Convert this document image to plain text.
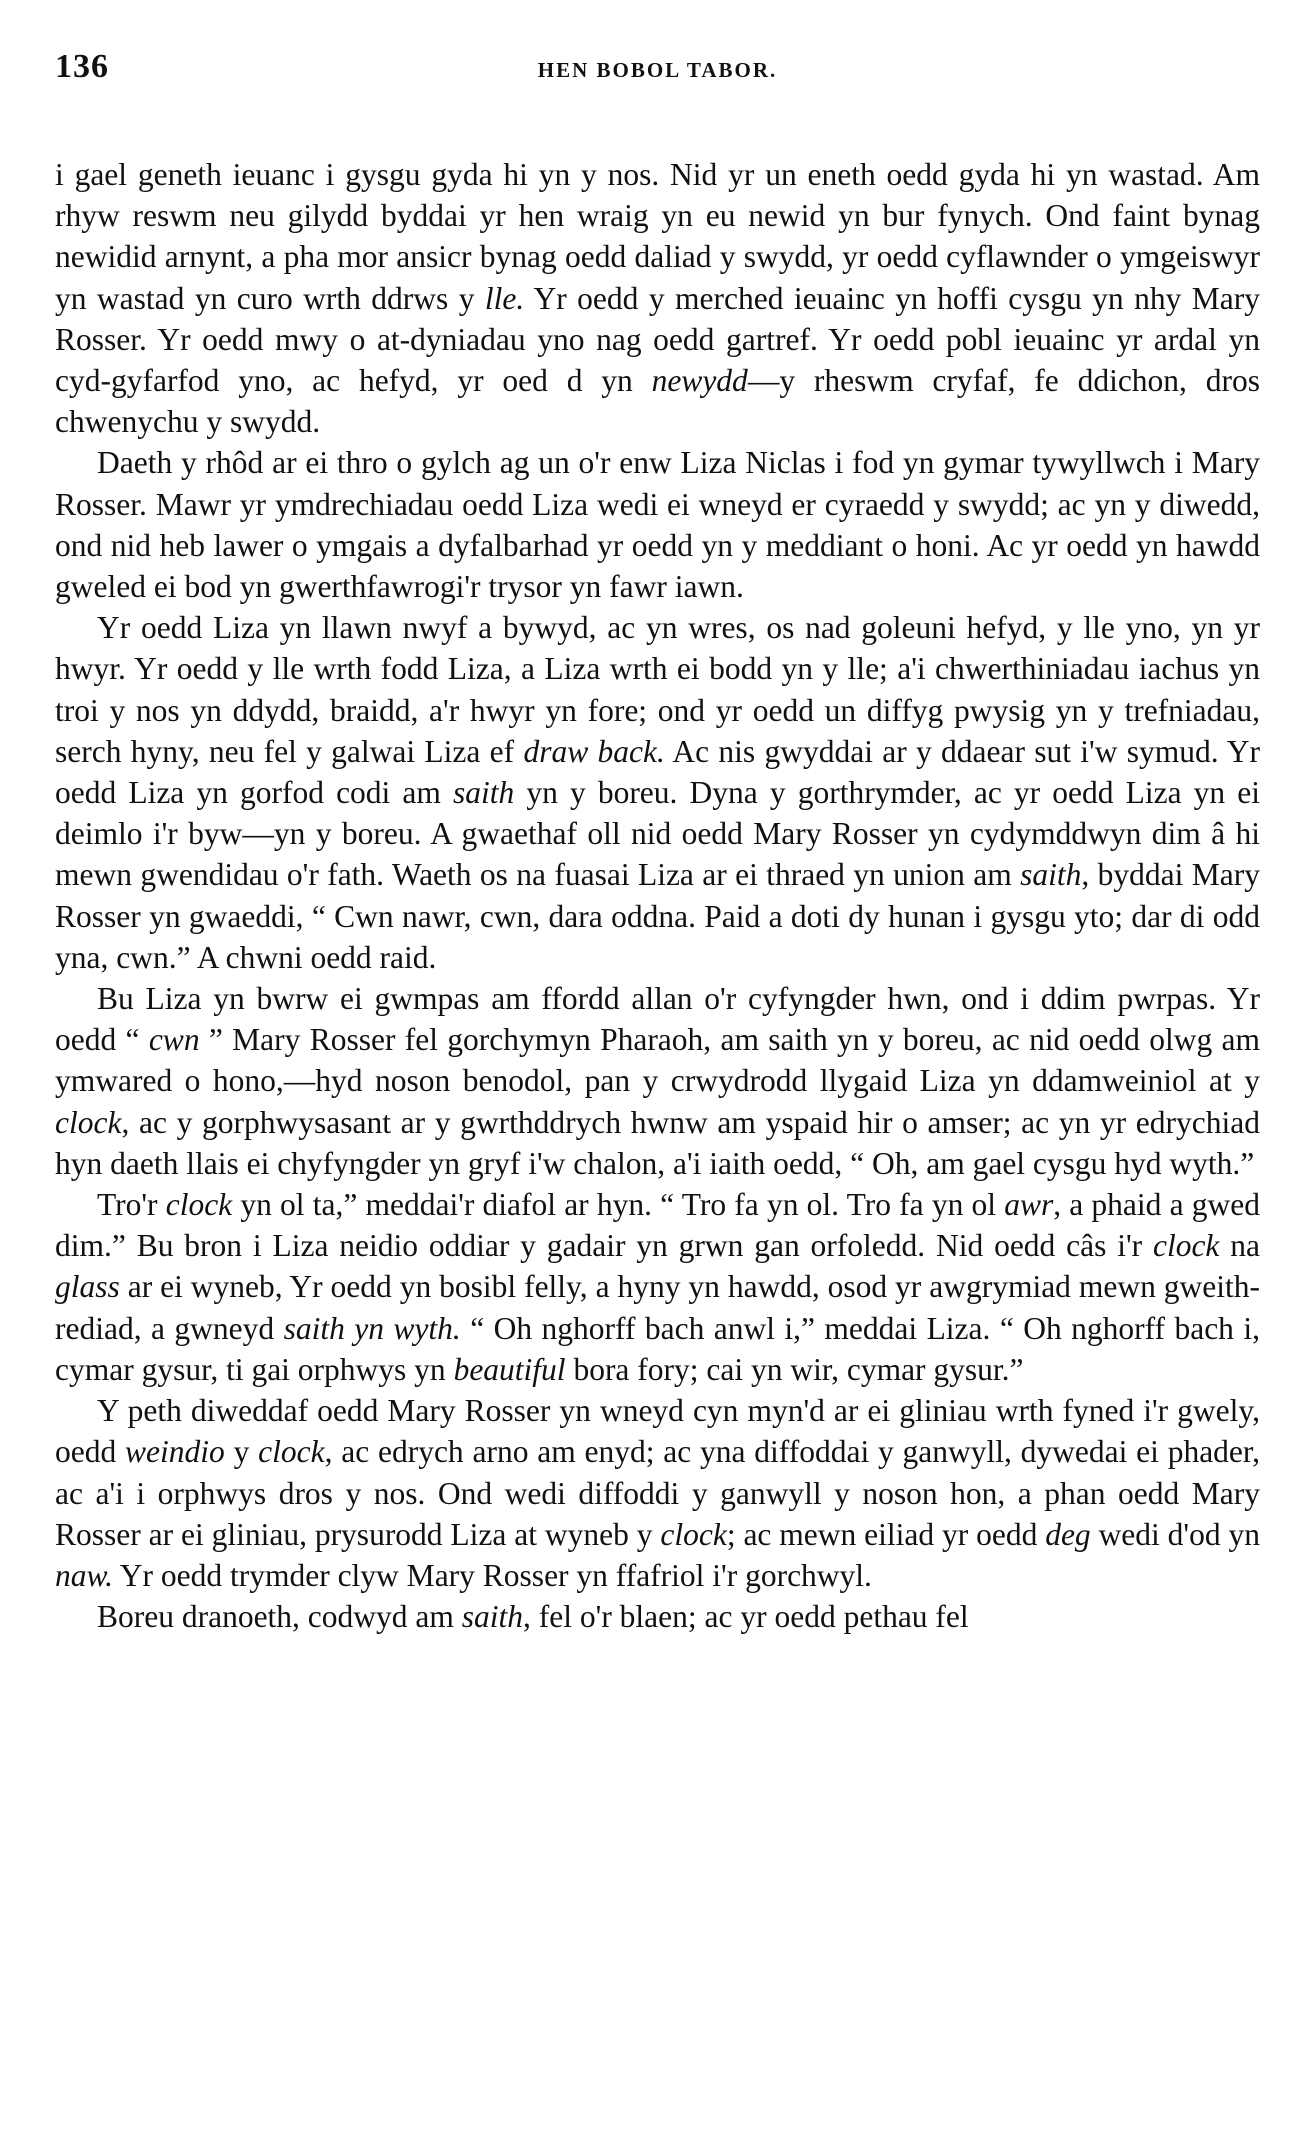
136	HEN BOBOL TABOR.

i gael geneth ieuanc i gysgu gyda hi yn y nos. Nid yr un eneth oedd gyda hi yn wastad. Am rhyw reswm neu gilydd byddai yr hen wraig yn eu newid yn bur fynych. Ond faint bynag newidid arnynt, a pha mor ansicr bynag oedd daliad y swydd, yr oedd cyflawnder o ymgeiswyr yn wastad yn curo wrth ddrws y lle. Yr oedd y merched ieuainc yn hoffi cysgu yn nhy Mary Rosser. Yr oedd mwy o at-dyniadau yno nag oedd gartref. Yr oedd pobl ieuainc yr ardal yn cyd-gyfarfod yno, ac hefyd, yr oed d yn newydd—y rheswm cryfaf, fe ddichon, dros chwenychu y swydd.

Daeth y rhôd ar ei thro o gylch ag un o'r enw Liza Niclas i fod yn gymar tywyllwch i Mary Rosser. Mawr yr ymdrechiadau oedd Liza wedi ei wneyd er cyraedd y swydd; ac yn y diwedd, ond nid heb lawer o ymgais a dyfalbarhad yr oedd yn y meddiant o honi. Ac yr oedd yn hawdd gweled ei bod yn gwerthfawrogi'r trysor yn fawr iawn.

Yr oedd Liza yn llawn nwyf a bywyd, ac yn wres, os nad goleuni hefyd, y lle yno, yn yr hwyr. Yr oedd y lle wrth fodd Liza, a Liza wrth ei bodd yn y lle; a'i chwerthiniadau iachus yn troi y nos yn ddydd, braidd, a'r hwyr yn fore; ond yr oedd un diffyg pwysig yn y trefniadau, serch hyny, neu fel y galwai Liza ef draw back. Ac nis gwyddai ar y ddaear sut i'w symud. Yr oedd Liza yn gorfod codi am saith yn y boreu. Dyna y gorthrymder, ac yr oedd Liza yn ei deimlo i'r byw—yn y boreu. A gwaethaf oll nid oedd Mary Rosser yn cydymddwyn dim â hi mewn gwendidau o'r fath. Waeth os na fuasai Liza ar ei thraed yn union am saith, byddai Mary Rosser yn gwaeddi, “ Cwn nawr, cwn, dara oddna. Paid a doti dy hunan i gysgu yto; dar di odd yna, cwn.” A chwni oedd raid.

Bu Liza yn bwrw ei gwmpas am ffordd allan o'r cyfyngder hwn, ond i ddim pwrpas. Yr oedd “ cwn ” Mary Rosser fel gorchymyn Pharaoh, am saith yn y boreu, ac nid oedd olwg am ymwared o hono,—hyd noson benodol, pan y crwydrodd llygaid Liza yn ddamweiniol at y clock, ac y gorphwysasant ar y gwrthddrych hwnw am yspaid hir o amser; ac yn yr edrychiad hyn daeth llais ei chyfyngder yn gryf i'w chalon, a'i iaith oedd, “ Oh, am gael cysgu hyd wyth.”

Tro'r clock yn ol ta,” meddai'r diafol ar hyn. “ Tro fa yn ol. Tro fa yn ol awr, a phaid a gwed dim.” Bu bron i Liza neidio oddiar y gadair yn grwn gan orfoledd. Nid oedd câs i'r clock na glass ar ei wyneb, Yr oedd yn bosibl felly, a hyny yn hawdd, osod yr awgrymiad mewn gweith-rediad, a gwneyd saith yn wyth. “ Oh nghorff bach anwl i,” meddai Liza. “ Oh nghorff bach i, cymar gysur, ti gai orphwys yn beautiful bora fory; cai yn wir, cymar gysur.”

Y peth diweddaf oedd Mary Rosser yn wneyd cyn myn'd ar ei gliniau wrth fyned i'r gwely, oedd weindio y clock, ac edrych arno am enyd; ac yna diffoddai y ganwyll, dywedai ei phader, ac a'i i orphwys dros y nos. Ond wedi diffoddi y ganwyll y noson hon, a phan oedd Mary Rosser ar ei gliniau, prysurodd Liza at wyneb y clock; ac mewn eiliad yr oedd deg wedi d'od yn naw. Yr oedd trymder clyw Mary Rosser yn ffafriol i'r gorchwyl.

Boreu dranoeth, codwyd am saith, fel o'r blaen; ac yr oedd pethau fel
